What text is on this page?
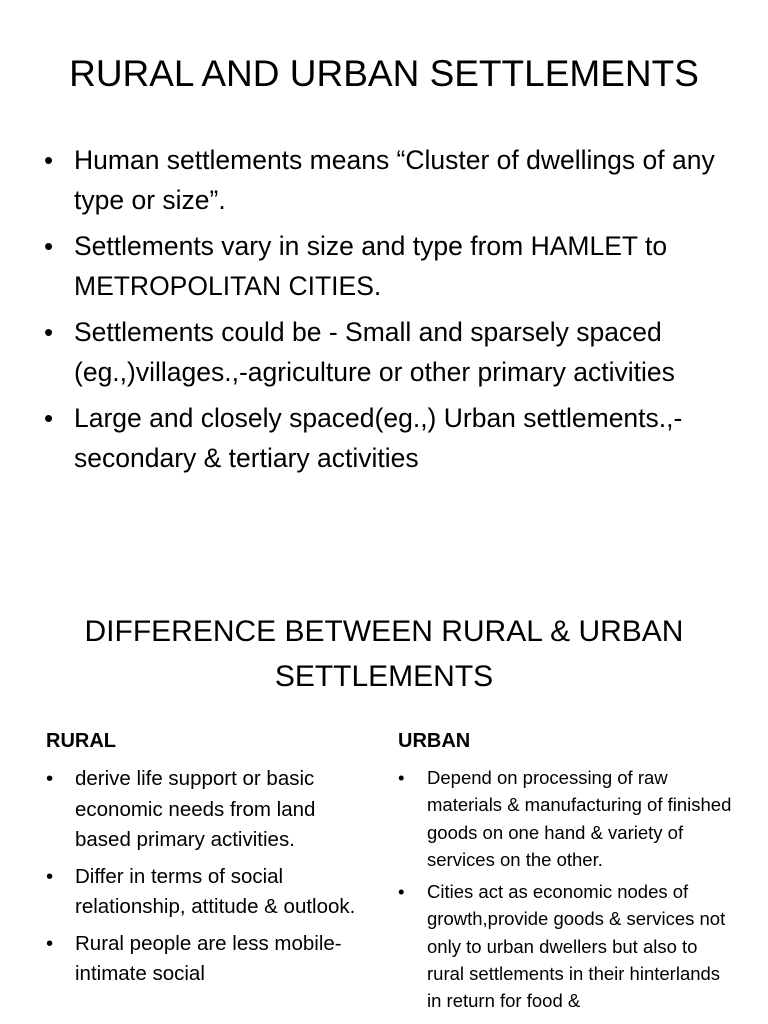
RURAL AND URBAN SETTLEMENTS
• Human settlements means “Cluster of dwellings of any type or size”.
• Settlements vary in size and type from HAMLET to METROPOLITAN CITIES.
• Settlements could be - Small and sparsely spaced (eg.,)villages.,-agriculture or other primary activities
• Large and closely spaced(eg.,) Urban settlements.,- secondary & tertiary activities
DIFFERENCE BETWEEN RURAL & URBAN SETTLEMENTS
RURAL
• derive life support or basic economic needs from land based primary activities.
• Differ in terms of social relationship, attitude & outlook.
• Rural people are less mobile-intimate social
URBAN
• Depend on processing of raw materials & manufacturing of finished goods on one hand & variety of services on the other.
• Cities act as economic nodes of growth,provide goods & services not only to urban dwellers but also to rural settlements in their hinterlands in return for food &
